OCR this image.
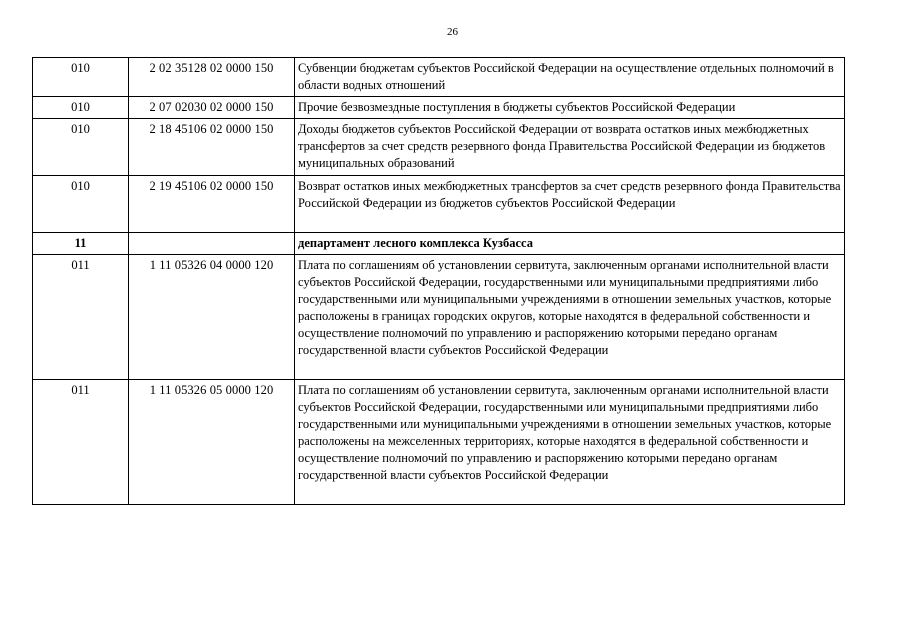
26
010	2 02 35128 02 0000 150	Субвенции бюджетам субъектов Российской Федерации на осуществление отдельных полномочий в области водных отношений
010	2 07 02030 02 0000 150	Прочие безвозмездные поступления в бюджеты субъектов Российской Федерации
010	2 18 45106 02 0000 150	Доходы бюджетов субъектов Российской Федерации от возврата остатков иных межбюджетных трансфертов за счет средств резервного фонда Правительства Российской Федерации из бюджетов муниципальных образований
010	2 19 45106 02 0000 150	Возврат остатков иных межбюджетных трансфертов за счет средств резервного фонда Правительства Российской Федерации из бюджетов субъектов Российской Федерации
11		департамент лесного комплекса Кузбасса
011	1 11 05326 04 0000 120	Плата по соглашениям об установлении сервитута, заключенным органами исполнительной власти субъектов Российской Федерации, государственными или муниципальными предприятиями либо государственными или муниципальными учреждениями в отношении земельных участков, которые расположены в границах городских округов, которые находятся в федеральной собственности и осуществление полномочий по управлению и распоряжению которыми передано органам государственной власти субъектов Российской Федерации
011	1 11 05326 05 0000 120	Плата по соглашениям об установлении сервитута, заключенным органами исполнительной власти субъектов Российской Федерации, государственными или муниципальными предприятиями либо государственными или муниципальными учреждениями в отношении земельных участков, которые расположены на межселенных территориях, которые находятся в федеральной собственности и осуществление полномочий по управлению и распоряжению которыми передано органам государственной власти субъектов Российской Федерации
